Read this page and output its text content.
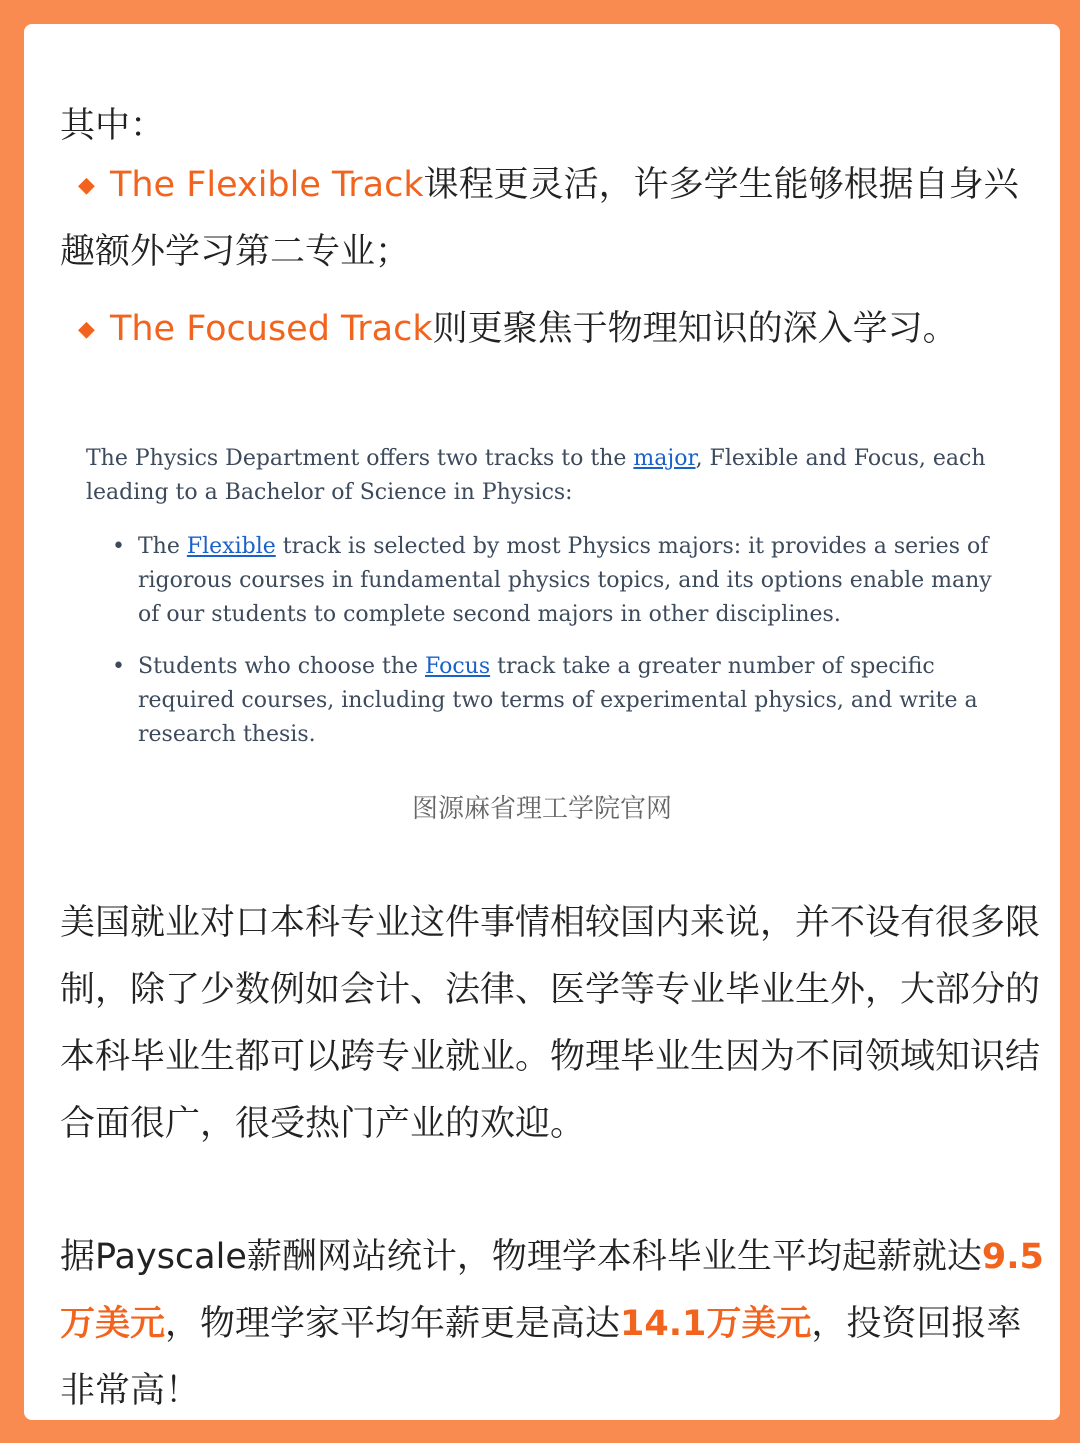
其中：
◆ The Flexible Track课程更灵活，许多学生能够根据自身兴趣额外学习第二专业；
◆ The Focused Track则更聚焦于物理知识的深入学习。

The Physics Department offers two tracks to the major, Flexible and Focus, each leading to a Bachelor of Science in Physics:

• The Flexible track is selected by most Physics majors: it provides a series of rigorous courses in fundamental physics topics, and its options enable many of our students to complete second majors in other disciplines.
• Students who choose the Focus track take a greater number of specific required courses, including two terms of experimental physics, and write a research thesis.
图源麻省理工学院官网
美国就业对口本科专业这件事情相较国内来说，并不设有很多限制，除了少数例如会计、法律、医学等专业毕业生外，大部分的本科毕业生都可以跨专业就业。物理毕业生因为不同领域知识结合面很广，很受热门产业的欢迎。
据Payscale薪酬网站统计，物理学本科毕业生平均起薪就达9.5万美元，物理学家平均年薪更是高达14.1万美元，投资回报率非常高！
